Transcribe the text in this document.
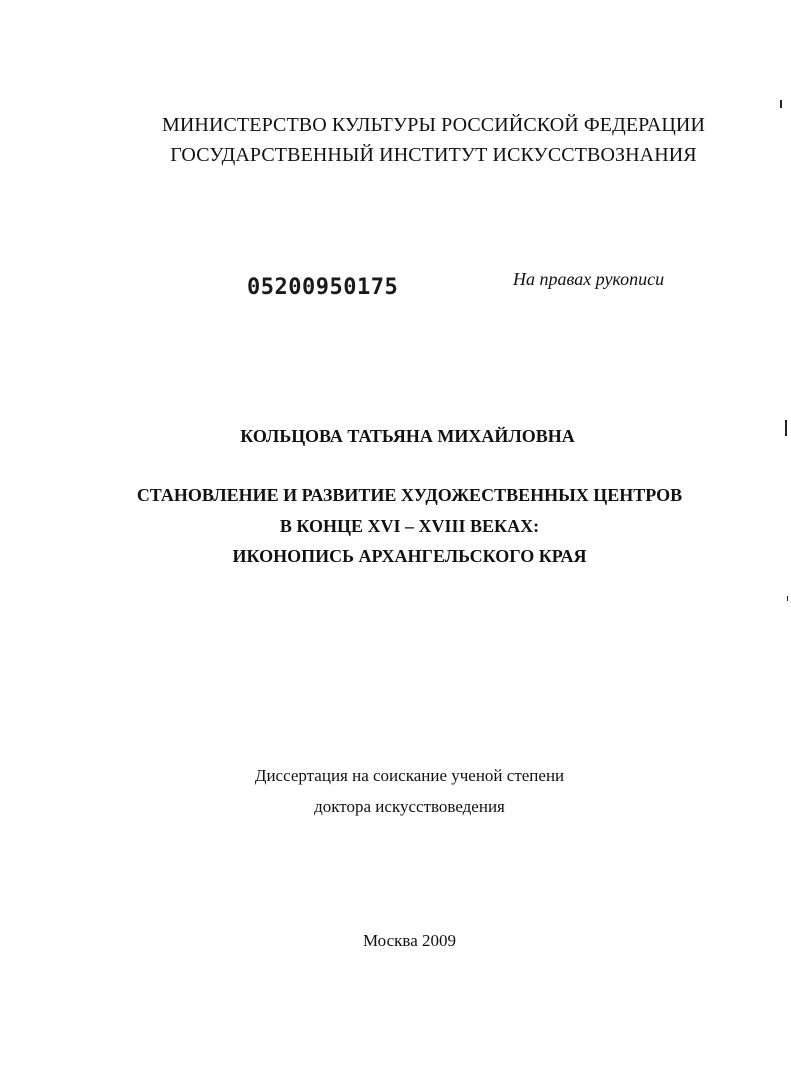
МИНИСТЕРСТВО КУЛЬТУРЫ РОССИЙСКОЙ ФЕДЕРАЦИИ
ГОСУДАРСТВЕННЫЙ ИНСТИТУТ ИСКУССТВОЗНАНИЯ
05200950175	На правах рукописи
КОЛЬЦОВА ТАТЬЯНА МИХАЙЛОВНА
СТАНОВЛЕНИЕ И РАЗВИТИЕ ХУДОЖЕСТВЕННЫХ ЦЕНТРОВ
В КОНЦЕ XVI – XVIII ВЕКАХ:
ИКОНОПИСЬ АРХАНГЕЛЬСКОГО КРАЯ
Диссертация на соискание ученой степени
доктора искусствоведения
Москва 2009
